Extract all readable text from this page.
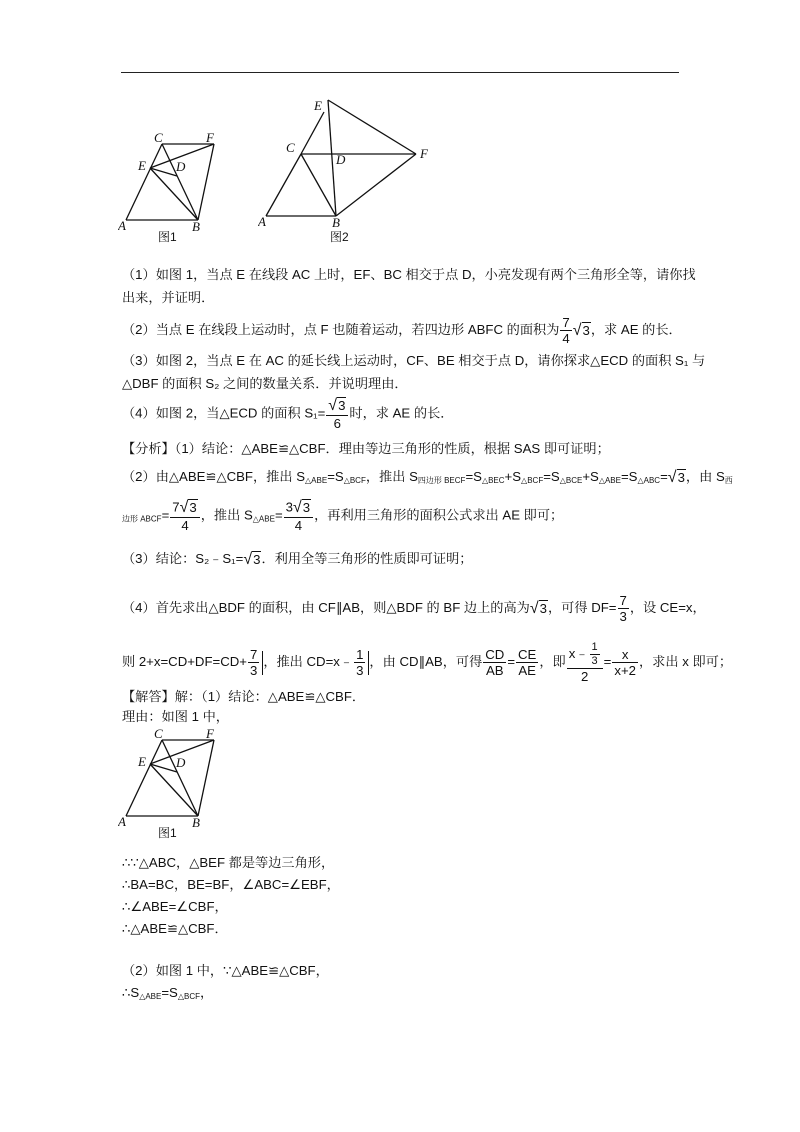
A	B
C
D
E
F
图1
A	B
C
D
E
F
图2
（1）如图 1，当点 E 在线段 AC 上时，EF、BC 相交于点 D，小亮发现有两个三角形全等，请你找
出来，并证明．
（2）当点 E 在线段上运动时，点 F 也随着运动，若四边形 ABFC 的面积为 $\frac{7}{4} √3$，求 AE 的长．
（3）如图 2，当点 E 在 AC 的延长线上运动时，CF、BE 相交于点 D，请你探求△ECD 的面积 S₁ 与
△DBF 的面积 S₂ 之间的数量关系．并说明理由．
（4）如图 2，当△ECD 的面积 $S_1= \frac{√3}{6}$ 时，求 AE 的长．
【分析】（1）结论：△ABE≌△CBF．理由等边三角形的性质，根据 SAS 即可证明；
（2）由△ABE≌△CBF，推出 $S_{\triangle ABE}=S_{\triangle BCF}$，推出 $S_{四边形 BECF}=S_{\triangle BEC}+S_{\triangle BCF}=S_{\triangle BCE}+S_{\triangle ABE}=S_{\triangle ABC}=√3$，由 $S_西$
$_{边形 ABCF}= \frac{7√3}{4}$ ，推出 $S_{\triangle ABE}= \frac{3√3}{4}$ ，再利用三角形的面积公式求出 AE 即可；
（3）结论：S₂﹣S₁=√3．利用全等三角形的性质即可证明；
（4）首先求出△BDF 的面积，由 CF∥AB，则△BDF 的 BF 边上的高为√3，可得 $DF= \frac{7}{3}$ ，设 CE=x，
则 $2+x=CD+DF=CD+ \frac{7}{3}$ ，推出 CD=x﹣ $\frac{1}{3}$ ，由 CD∥AB，可得 $\frac{CD}{AB} = \frac{CE}{AE}$ ，即 $\frac{x﹣ \frac{1}{3}}{2} = \frac{x}{x+2}$ ，求出 x 即可；
【解答】解：（1）结论：△ABE≌△CBF．
理由：如图 1 中，
A	B
C
D
E
F
图1
∴∵△ABC，△BEF 都是等边三角形，
∴BA=BC，BE=BF，∠ABC=∠EBF，
∴∠ABE=∠CBF，
∴△ABE≌△CBF．
（2）如图 1 中，∵△ABE≌△CBF，
$\therefore S_{\triangle ABE}=S_{\triangle BCF}$，
